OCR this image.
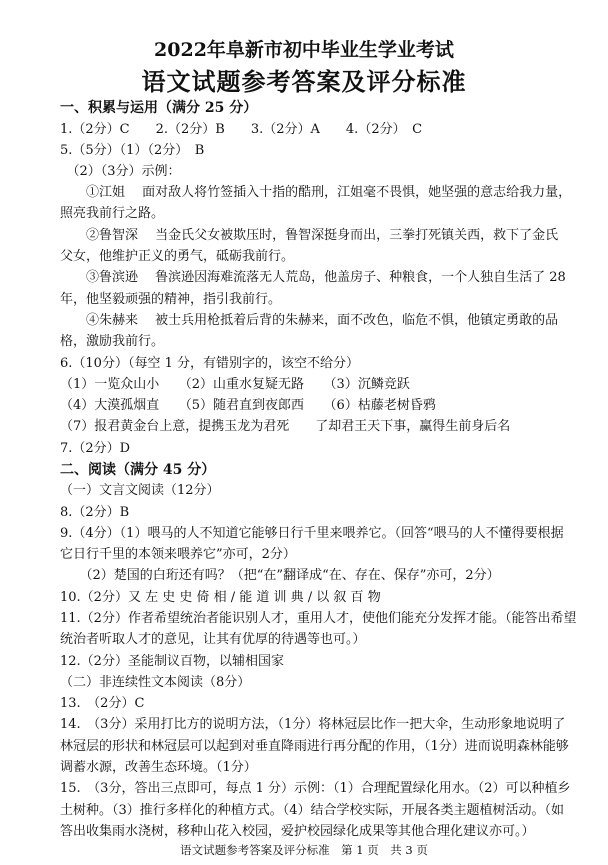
2022年阜新市初中毕业生学业考试
语文试题参考答案及评分标准
一、积累与运用（满分 25 分）
1.（2分）C　　2.（2分）B　　3.（2分）A　　4.（2分）　C
5.（5分）（1）（2分）　B
　（2）（3分）示例：
　　①江姐　 面对敌人将竹签插入十指的酷刑，江姐毫不畏惧，她坚强的意志给我力量，
照亮我前行之路。
　　②鲁智深　 当金氏父女被欺压时，鲁智深挺身而出，三拳打死镇关西，救下了金氏
父女，他维护正义的勇气，砥砺我前行。
　　③鲁滨逊　 鲁滨逊因海难流落无人荒岛，他盖房子、种粮食，一个人独自生活了 28
年，他坚毅顽强的精神，指引我前行。
　　④朱赫来　 被士兵用枪抵着后背的朱赫来，面不改色，临危不惧，他镇定勇敢的品
格，激励我前行。
6.（10分）（每空 1 分，有错别字的，该空不给分）
（1）一览众山小　　（2）山重水复疑无路　　（3）沉鳞竞跃
（4）大漠孤烟直　　（5）随君直到夜郎西　　（6）枯藤老树昏鸦
（7）报君黄金台上意，提携玉龙为君死　　了却君王天下事，赢得生前身后名
7.（2分）D
二、阅读（满分 45 分）
（一）文言文阅读（12分）
8.（2分）B
9.（4分）（1）喂马的人不知道它能够日行千里来喂养它。（回答“喂马的人不懂得要根据
它日行千里的本领来喂养它”亦可，2分）
　　（2）楚国的白珩还有吗？（把“在”翻译成“在、存在、保存”亦可，2分）
10.（2分）又 左 史 史 倚 相 / 能 道 训 典 / 以 叙 百 物
11.（2分）作者希望统治者能识别人才，重用人才，使他们能充分发挥才能。（能答出希望
统治者听取人才的意见，让其有优厚的待遇等也可。）
12.（2分）圣能制议百物，以辅相国家
（二）非连续性文本阅读（8分）
13.　（2分）C
14.　（3分）采用打比方的说明方法，（1分）将林冠层比作一把大伞，生动形象地说明了
林冠层的形状和林冠层可以起到对垂直降雨进行再分配的作用，（1分）进而说明森林能够
调蓄水源，改善生态环境。（1分）
15.　（3分，答出三点即可，每点 1 分）示例：（1）合理配置绿化用水。（2）可以种植乡
土树种。（3）推行多样化的种植方式。（4）结合学校实际，开展各类主题植树活动。（如
答出收集雨水浇树，移种山花入校园，爱护校园绿化成果等其他合理化建议亦可。）
语文试题参考答案及评分标准　第 1 页　共 3 页
